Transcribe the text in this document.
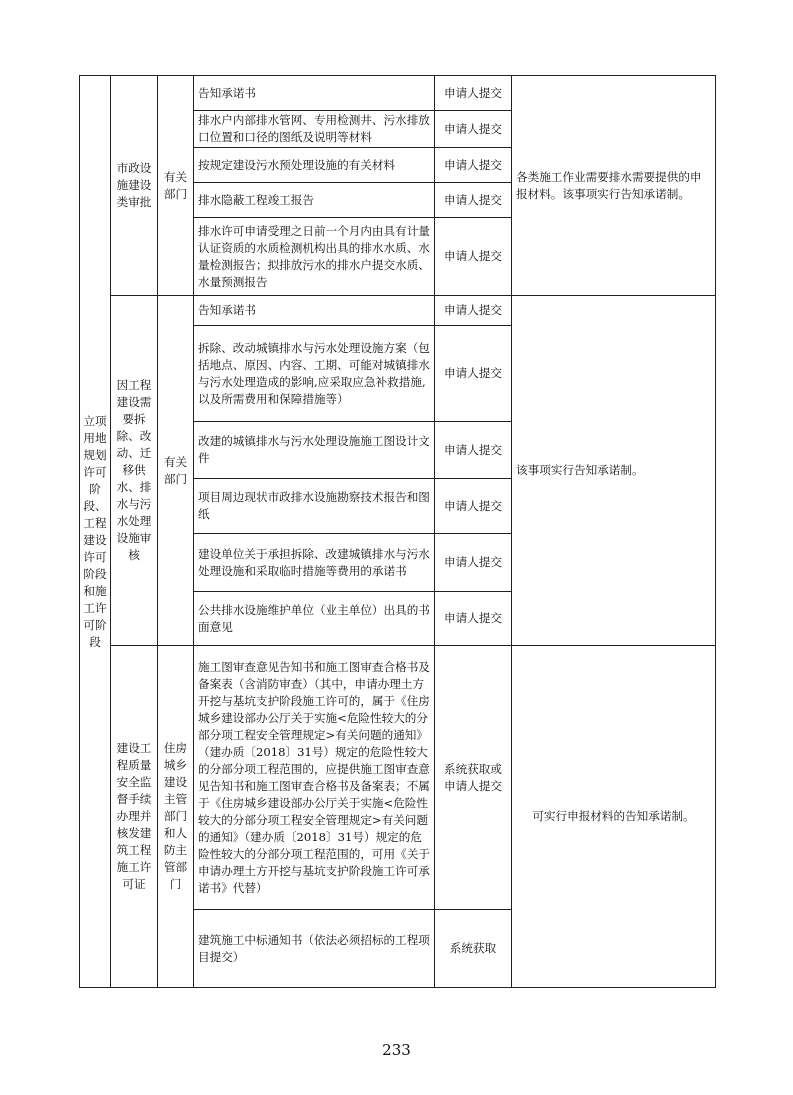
立项用地规划许可阶段、工程建设许可阶段和施工许可阶段	市政设施建设类审批	有关部门	告知承诺书	申请人提交	各类施工作业需要排水需要提供的申报材料。该事项实行告知承诺制。
			排水户内部排水管网、专用检测井、污水排放口位置和口径的图纸及说明等材料	申请人提交	
			按规定建设污水预处理设施的有关材料	申请人提交	
			排水隐蔽工程竣工报告	申请人提交	
			排水许可申请受理之日前一个月内由具有计量认证资质的水质检测机构出具的排水水质、水量检测报告；拟排放污水的排水户提交水质、水量预测报告	申请人提交	
	因工程建设需要拆除、改动、迁移供水、排水与污水处理设施审核	有关部门	告知承诺书	申请人提交	该事项实行告知承诺制。
			拆除、改动城镇排水与污水处理设施方案（包括地点、原因、内容、工期、可能对城镇排水与污水处理造成的影响,应采取应急补救措施,以及所需费用和保障措施等）	申请人提交	
			改建的城镇排水与污水处理设施施工图设计文件	申请人提交	
			项目周边现状市政排水设施勘察技术报告和图纸	申请人提交	
			建设单位关于承担拆除、改建城镇排水与污水处理设施和采取临时措施等费用的承诺书	申请人提交	
			公共排水设施维护单位（业主单位）出具的书面意见	申请人提交	
	建设工程质量安全监督手续办理并核发建筑工程施工许可证	住房城乡建设主管部门和人防主管部门	施工图审查意见告知书和施工图审查合格书及备案表（含消防审查）（其中，申请办理土方开挖与基坑支护阶段施工许可的，属于《住房城乡建设部办公厅关于实施<危险性较大的分部分项工程安全管理规定>有关问题的通知》（建办质〔2018〕31号）规定的危险性较大的分部分项工程范围的，应提供施工图审查意见告知书和施工图审查合格书及备案表；不属于《住房城乡建设部办公厅关于实施<危险性较大的分部分项工程安全管理规定>有关问题的通知》（建办质〔2018〕31号）规定的危险性较大的分部分项工程范围的，可用《关于申请办理土方开挖与基坑支护阶段施工许可承诺书》代替）	系统获取或申请人提交	可实行申报材料的告知承诺制。
			建筑施工中标通知书（依法必须招标的工程项目提交）	系统获取	
233
